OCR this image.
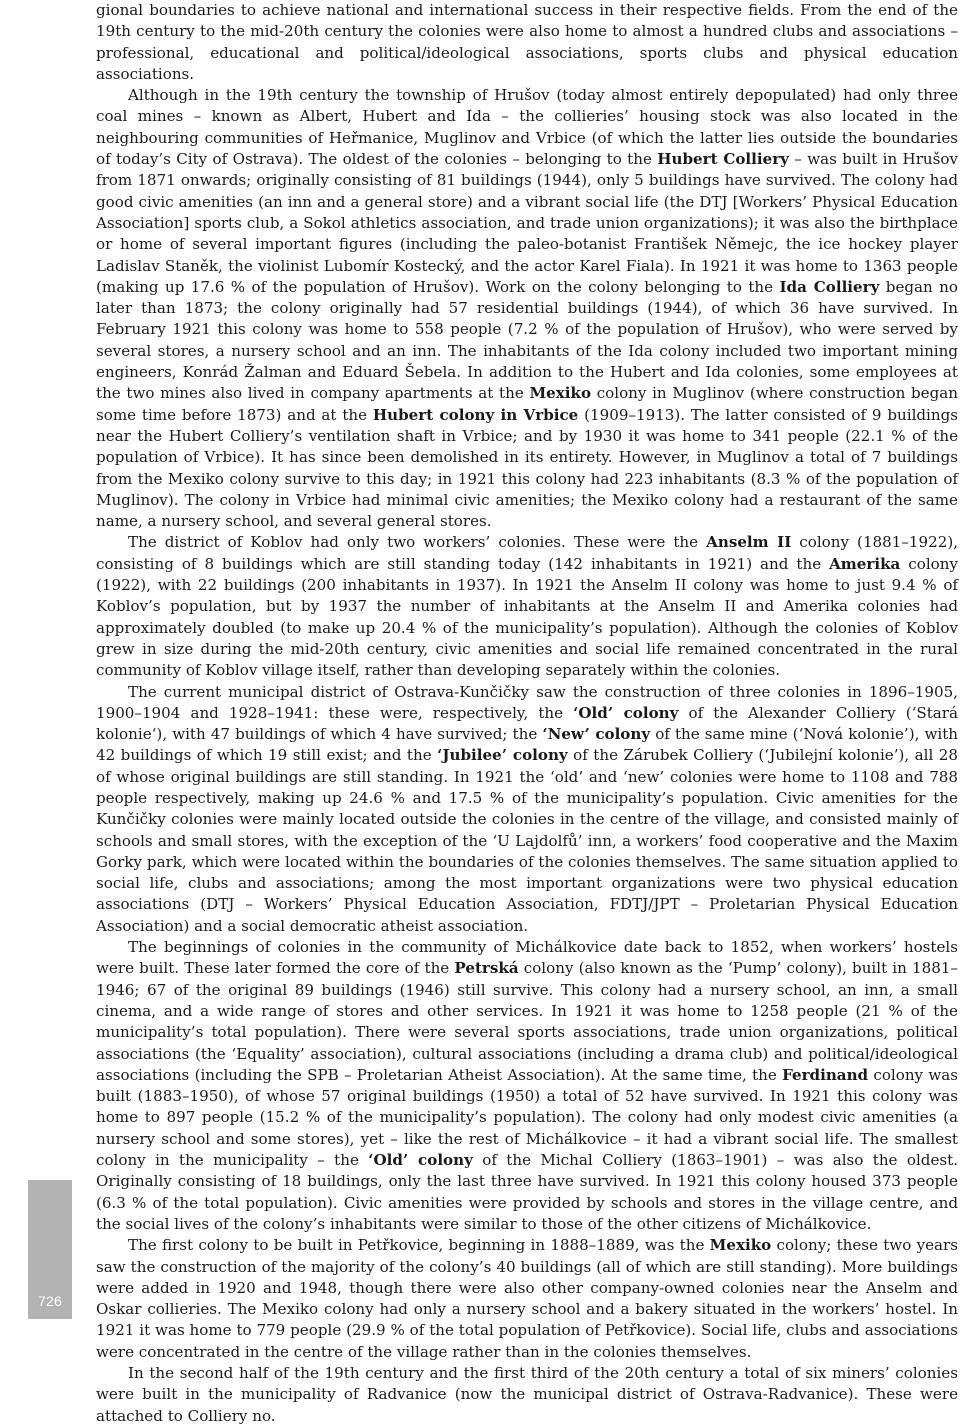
726

gional boundaries to achieve national and international success in their respective fields. From the end of the 19th century to the mid-20th century the colonies were also home to almost a hundred clubs and associations – professional, educational and political/ideological associations, sports clubs and physical education associations.

Although in the 19th century the township of Hrušov (today almost entirely depopulated) had only three coal mines – known as Albert, Hubert and Ida – the collieries’ housing stock was also located in the neighbouring communities of Heřmanice, Muglinov and Vrbice (of which the latter lies outside the boundaries of today’s City of Ostrava). The oldest of the colonies – belonging to the Hubert Colliery – was built in Hrušov from 1871 onwards; originally consisting of 81 buildings (1944), only 5 buildings have survived. The colony had good civic amenities (an inn and a general store) and a vibrant social life (the DTJ [Workers’ Physical Education Association] sports club, a Sokol athletics association, and trade union organizations); it was also the birthplace or home of several important figures (including the paleo-botanist František Němejc, the ice hockey player Ladislav Staněk, the violinist Lubomír Kostecký, and the actor Karel Fiala). In 1921 it was home to 1363 people (making up 17.6 % of the population of Hrušov). Work on the colony belonging to the Ida Colliery began no later than 1873; the colony originally had 57 residential buildings (1944), of which 36 have survived. In February 1921 this colony was home to 558 people (7.2 % of the population of Hrušov), who were served by several stores, a nursery school and an inn. The inhabitants of the Ida colony included two important mining engineers, Konrád Žalman and Eduard Šebela. In addition to the Hubert and Ida colonies, some employees at the two mines also lived in company apartments at the Mexiko colony in Muglinov (where construction began some time before 1873) and at the Hubert colony in Vrbice (1909–1913). The latter consisted of 9 buildings near the Hubert Colliery’s ventilation shaft in Vrbice; and by 1930 it was home to 341 people (22.1 % of the population of Vrbice). It has since been demolished in its entirety. However, in Muglinov a total of 7 buildings from the Mexiko colony survive to this day; in 1921 this colony had 223 inhabitants (8.3 % of the population of Muglinov). The colony in Vrbice had minimal civic amenities; the Mexiko colony had a restaurant of the same name, a nursery school, and several general stores.

The district of Koblov had only two workers’ colonies. These were the Anselm II colony (1881–1922), consisting of 8 buildings which are still standing today (142 inhabitants in 1921) and the Amerika colony (1922), with 22 buildings (200 inhabitants in 1937). In 1921 the Anselm II colony was home to just 9.4 % of Koblov’s population, but by 1937 the number of inhabitants at the Anselm II and Amerika colonies had approximately doubled (to make up 20.4 % of the municipality’s population). Although the colonies of Koblov grew in size during the mid-20th century, civic amenities and social life remained concentrated in the rural community of Koblov village itself, rather than developing separately within the colonies.

The current municipal district of Ostrava-Kunčičky saw the construction of three colonies in 1896–1905, 1900–1904 and 1928–1941: these were, respectively, the ‘Old’ colony of the Alexander Colliery (‘Stará kolonie‘), with 47 buildings of which 4 have survived; the ‘New’ colony of the same mine (‘Nová kolonie’), with 42 buildings of which 19 still exist; and the ‘Jubilee’ colony of the Zárubek Colliery (‘Jubilejní kolonie’), all 28 of whose original buildings are still standing. In 1921 the ‘old’ and ‘new’ colonies were home to 1108 and 788 people respectively, making up 24.6 % and 17.5 % of the municipality’s population. Civic amenities for the Kunčičky colonies were mainly located outside the colonies in the centre of the village, and consisted mainly of schools and small stores, with the exception of the ‘U Lajdolfů’ inn, a workers’ food cooperative and the Maxim Gorky park, which were located within the boundaries of the colonies themselves. The same situation applied to social life, clubs and associations; among the most important organizations were two physical education associations (DTJ – Workers’ Physical Education Association, FDTJ/JPT – Proletarian Physical Education Association) and a social democratic atheist association.

The beginnings of colonies in the community of Michálkovice date back to 1852, when workers’ hostels were built. These later formed the core of the Petrská colony (also known as the ‘Pump’ colony), built in 1881–1946; 67 of the original 89 buildings (1946) still survive. This colony had a nursery school, an inn, a small cinema, and a wide range of stores and other services. In 1921 it was home to 1258 people (21 % of the municipality’s total population). There were several sports associations, trade union organizations, political associations (the ‘Equality’ association), cultural associations (including a drama club) and political/ideological associations (including the SPB – Proletarian Atheist Association). At the same time, the Ferdinand colony was built (1883–1950), of whose 57 original buildings (1950) a total of 52 have survived. In 1921 this colony was home to 897 people (15.2 % of the municipality’s population). The colony had only modest civic amenities (a nursery school and some stores), yet – like the rest of Michálkovice – it had a vibrant social life. The smallest colony in the municipality – the ‘Old’ colony of the Michal Colliery (1863–1901) – was also the oldest. Originally consisting of 18 buildings, only the last three have survived. In 1921 this colony housed 373 people (6.3 % of the total population). Civic amenities were provided by schools and stores in the village centre, and the social lives of the colony’s inhabitants were similar to those of the other citizens of Michálkovice.

The first colony to be built in Petřkovice, beginning in 1888–1889, was the Mexiko colony; these two years saw the construction of the majority of the colony’s 40 buildings (all of which are still standing). More buildings were added in 1920 and 1948, though there were also other company-owned colonies near the Anselm and Oskar collieries. The Mexiko colony had only a nursery school and a bakery situated in the workers’ hostel. In 1921 it was home to 779 people (29.9 % of the total population of Petřkovice). Social life, clubs and associations were concentrated in the centre of the village rather than in the colonies themselves.

In the second half of the 19th century and the first third of the 20th century a total of six miners’ colonies were built in the municipality of Radvanice (now the municipal district of Ostrava-Radvanice). These were attached to Colliery no.
